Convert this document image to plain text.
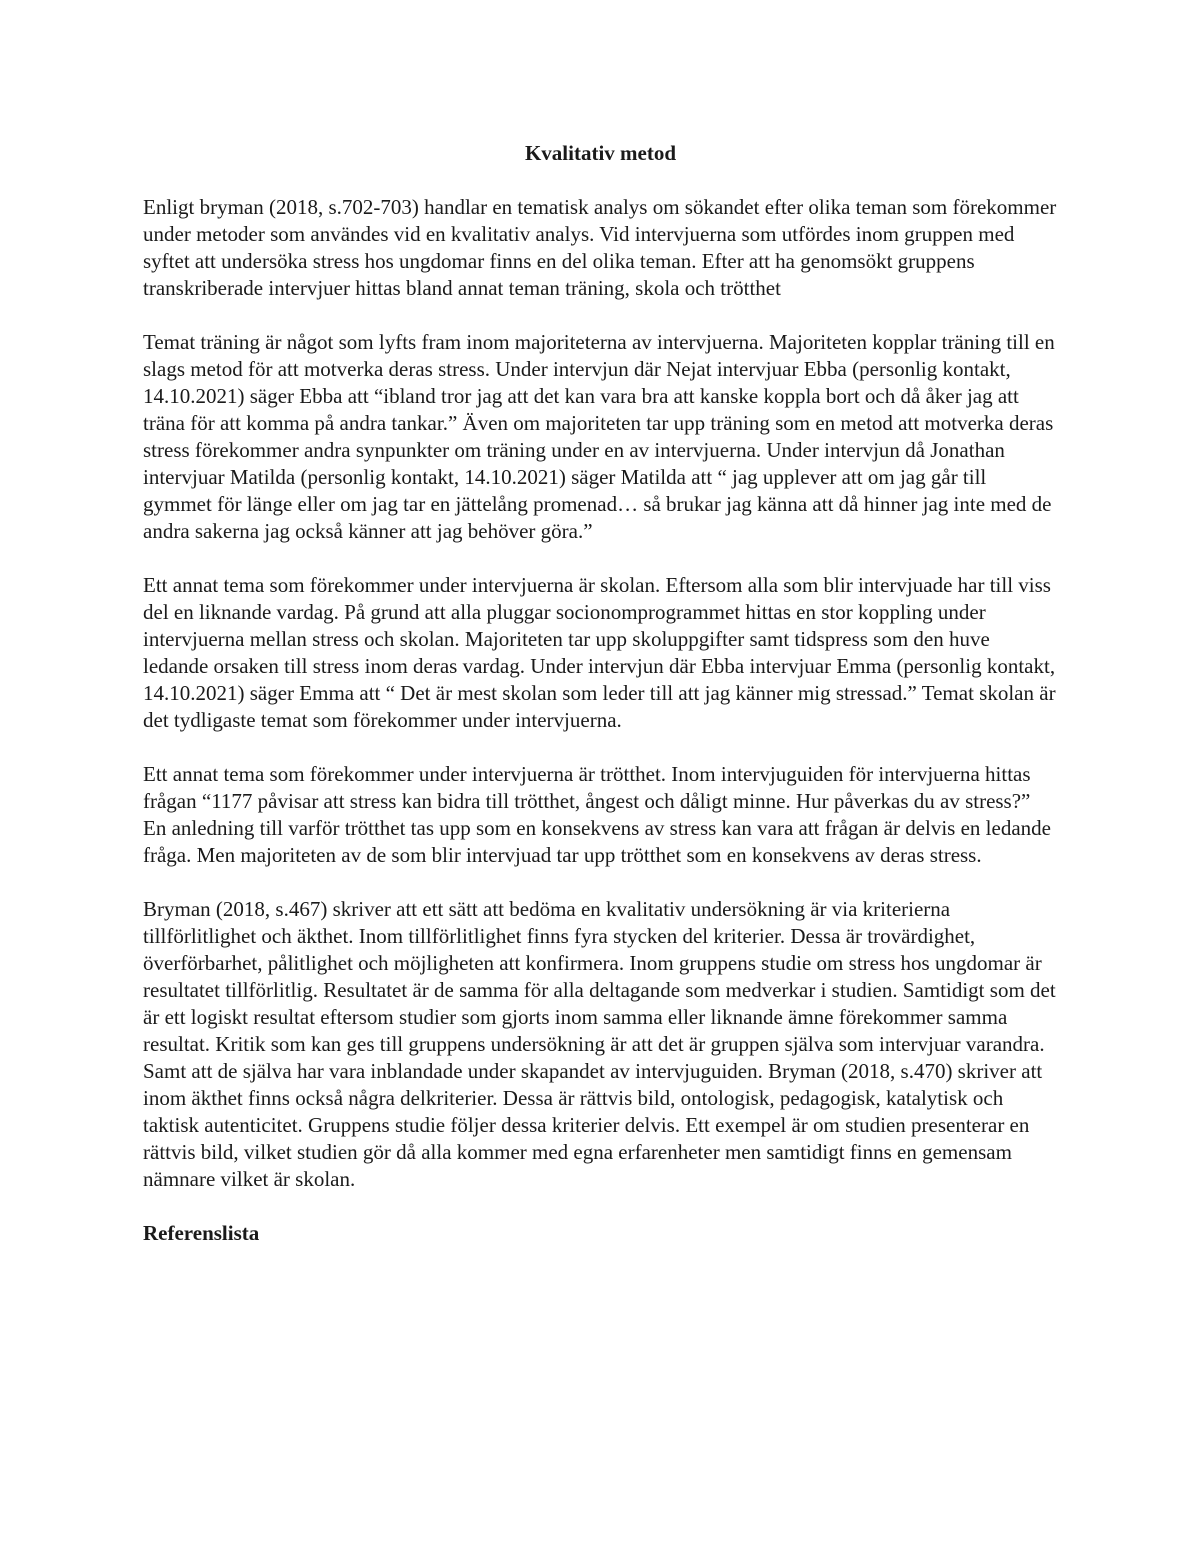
Kvalitativ metod

Enligt bryman (2018, s.702-703) handlar en tematisk analys om sökandet efter olika teman som förekommer under metoder som användes vid en kvalitativ analys. Vid intervjuerna som utfördes inom gruppen med syftet att undersöka stress hos ungdomar finns en del olika teman. Efter att ha genomsökt gruppens transkriberade intervjuer hittas bland annat teman träning, skola och trötthet

Temat träning är något som lyfts fram inom majoriteterna av intervjuerna. Majoriteten kopplar träning till en slags metod för att motverka deras stress. Under intervjun där Nejat intervjuar Ebba (personlig kontakt, 14.10.2021) säger Ebba att “ibland tror jag att det kan vara bra att kanske koppla bort och då åker jag att träna för att komma på andra tankar.” Även om majoriteten tar upp träning som en metod att motverka deras stress förekommer andra synpunkter om träning under en av intervjuerna. Under intervjun då Jonathan intervjuar Matilda (personlig kontakt, 14.10.2021) säger Matilda att “ jag upplever att om jag går till gymmet för länge eller om jag tar en jättelång promenad… så brukar jag känna att då hinner jag inte med de andra sakerna jag också känner att jag behöver göra.”

Ett annat tema som förekommer under intervjuerna är skolan. Eftersom alla som blir intervjuade har till viss del en liknande vardag. På grund att alla pluggar socionomprogrammet hittas en stor koppling under intervjuerna mellan stress och skolan. Majoriteten tar upp skoluppgifter samt tidspress som den huve ledande orsaken till stress inom deras vardag. Under intervjun där Ebba intervjuar Emma (personlig kontakt, 14.10.2021) säger Emma att “ Det är mest skolan som leder till att jag känner mig stressad.” Temat skolan är det tydligaste temat som förekommer under intervjuerna.

Ett annat tema som förekommer under intervjuerna är trötthet. Inom intervjuguiden för intervjuerna hittas frågan “1177 påvisar att stress kan bidra till trötthet, ångest och dåligt minne. Hur påverkas du av stress?” En anledning till varför trötthet tas upp som en konsekvens av stress kan vara att frågan är delvis en ledande fråga. Men majoriteten av de som blir intervjuad tar upp trötthet som en konsekvens av deras stress.

Bryman (2018, s.467) skriver att ett sätt att bedöma en kvalitativ undersökning är via kriterierna tillförlitlighet och äkthet. Inom tillförlitlighet finns fyra stycken del kriterier. Dessa är trovärdighet, överförbarhet, pålitlighet och möjligheten att konfirmera. Inom gruppens studie om stress hos ungdomar är resultatet tillförlitlig. Resultatet är de samma för alla deltagande som medverkar i studien. Samtidigt som det är ett logiskt resultat eftersom studier som gjorts inom samma eller liknande ämne förekommer samma resultat. Kritik som kan ges till gruppens undersökning är att det är gruppen själva som intervjuar varandra. Samt att de själva har vara inblandade under skapandet av intervjuguiden. Bryman (2018, s.470) skriver att inom äkthet finns också några delkriterier. Dessa är rättvis bild, ontologisk, pedagogisk, katalytisk och taktisk autenticitet. Gruppens studie följer dessa kriterier delvis. Ett exempel är om studien presenterar en rättvis bild, vilket studien gör då alla kommer med egna erfarenheter men samtidigt finns en gemensam nämnare vilket är skolan.

Referenslista
